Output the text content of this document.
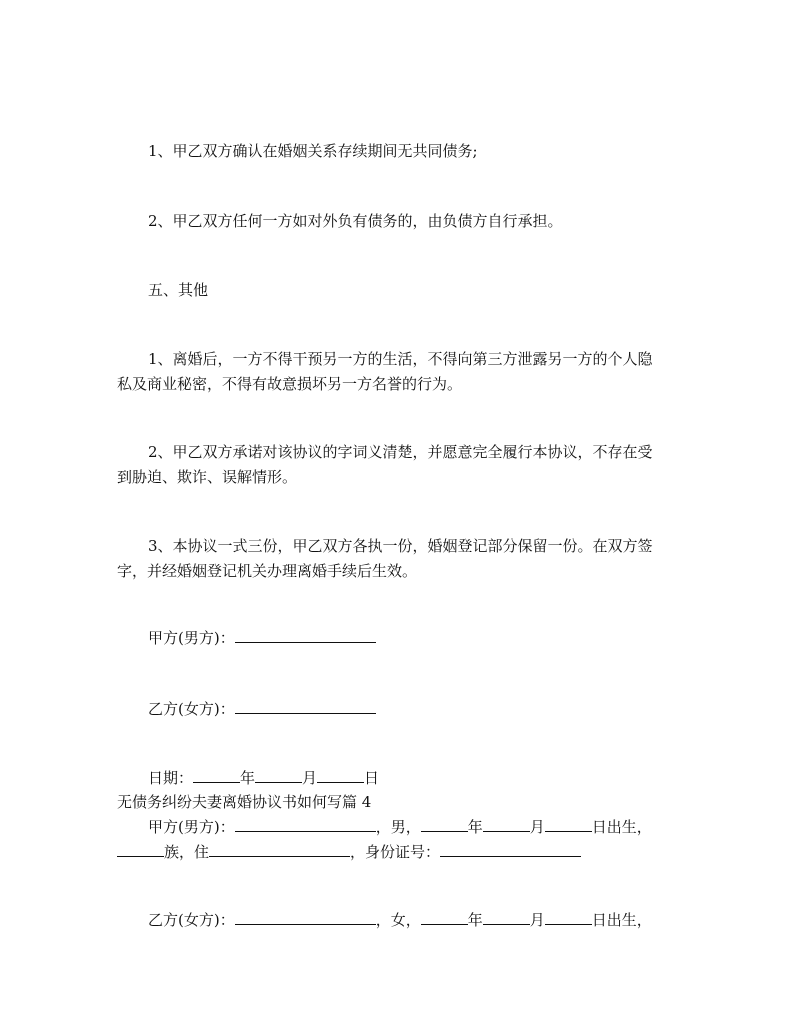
1、甲乙双方确认在婚姻关系存续期间无共同债务;

2、甲乙双方任何一方如对外负有债务的，由负债方自行承担。

五、其他

1、离婚后，一方不得干预另一方的生活，不得向第三方泄露另一方的个人隐

私及商业秘密，不得有故意损坏另一方名誉的行为。

2、甲乙双方承诺对该协议的字词义清楚，并愿意完全履行本协议，不存在受

到胁迫、欺诈、误解情形。

3、本协议一式三份，甲乙双方各执一份，婚姻登记部分保留一份。在双方签

字，并经婚姻登记机关办理离婚手续后生效。

甲方(男方)：

乙方(女方)：

日期：	年	月	日

无债务纠纷夫妻离婚协议书如何写篇 4

甲方(男方)：	，男，	年	月	日出生，

族，住	，身份证号：

乙方(女方)：	，女，	年	月	日出生，
